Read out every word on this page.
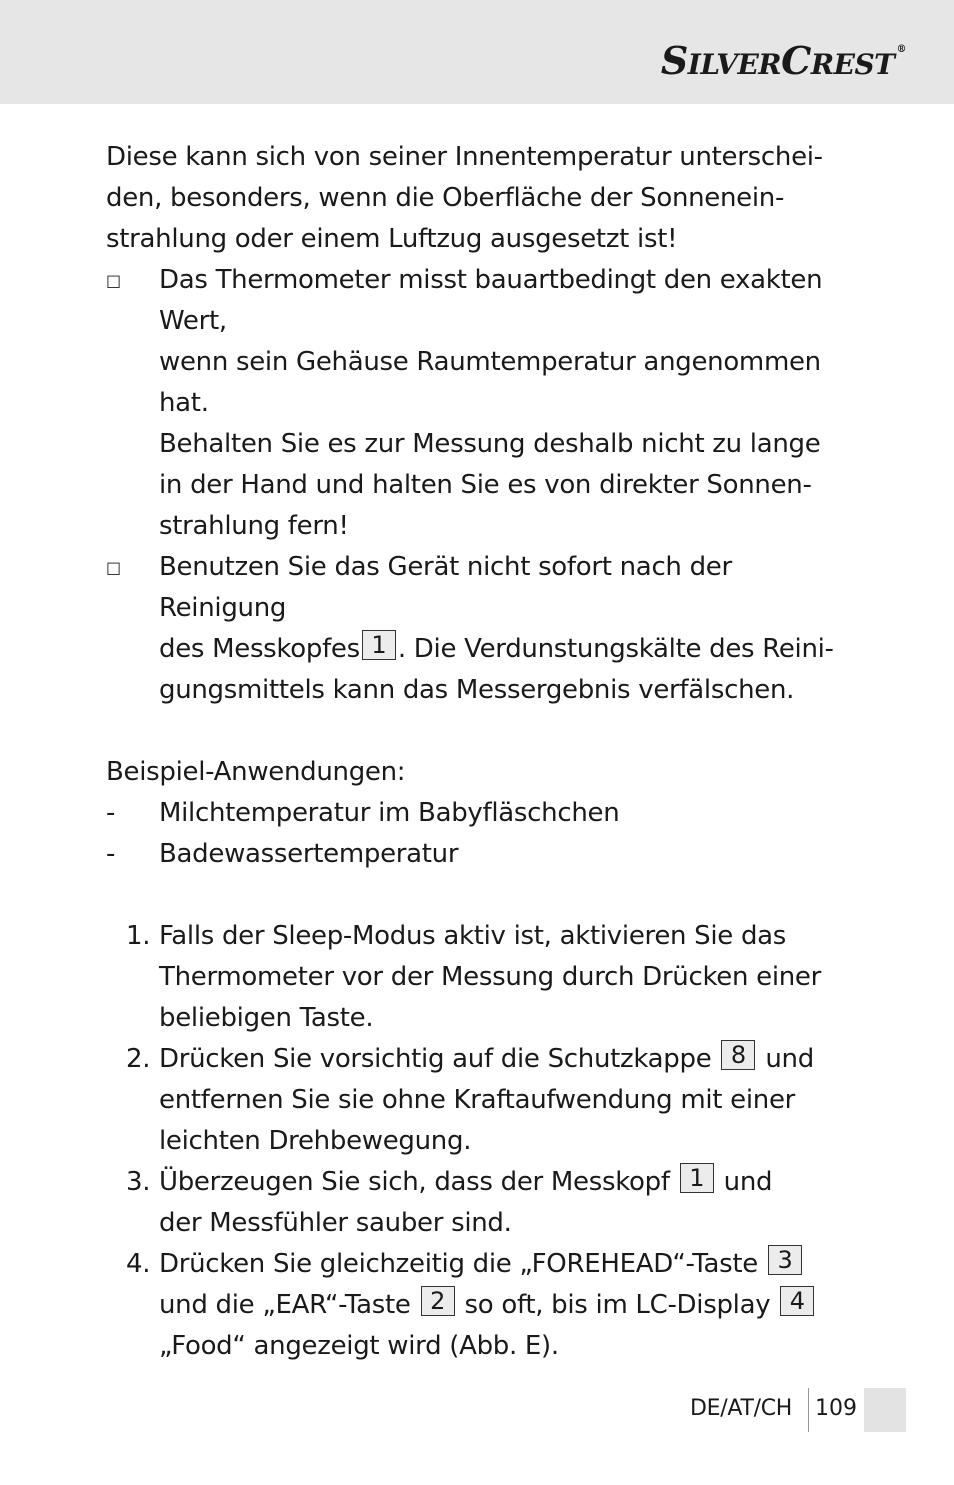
SILVERCREST ®

Diese kann sich von seiner Innentemperatur unterschei-
den, besonders, wenn die Oberfläche der Sonnenein-
strahlung oder einem Luftzug ausgesetzt ist!

□ Das Thermometer misst bauartbedingt den exakten Wert,
wenn sein Gehäuse Raumtemperatur angenommen hat.
Behalten Sie es zur Messung deshalb nicht zu lange
in der Hand und halten Sie es von direkter Sonnen-
strahlung fern!
□ Benutzen Sie das Gerät nicht sofort nach der Reinigung
des Messkopfes 1 . Die Verdunstungskälte des Reini-
gungsmittels kann das Messergebnis verfälschen.

Beispiel-Anwendungen:

- Milchtemperatur im Babyfläschchen
- Badewassertemperatur
1. Falls der Sleep-Modus aktiv ist, aktivieren Sie das
Thermometer vor der Messung durch Drücken einer
beliebigen Taste.
2. Drücken Sie vorsichtig auf die Schutzkappe 8 und
entfernen Sie sie ohne Kraftaufwendung mit einer
leichten Drehbewegung.
3. Überzeugen Sie sich, dass der Messkopf 1 und
der Messfühler sauber sind.
4. Drücken Sie gleichzeitig die „FOREHEAD“-Taste 3
und die „EAR“-Taste 2 so oft, bis im LC-Display 4
„Food“ angezeigt wird (Abb. E).
DE/AT/CH 109
